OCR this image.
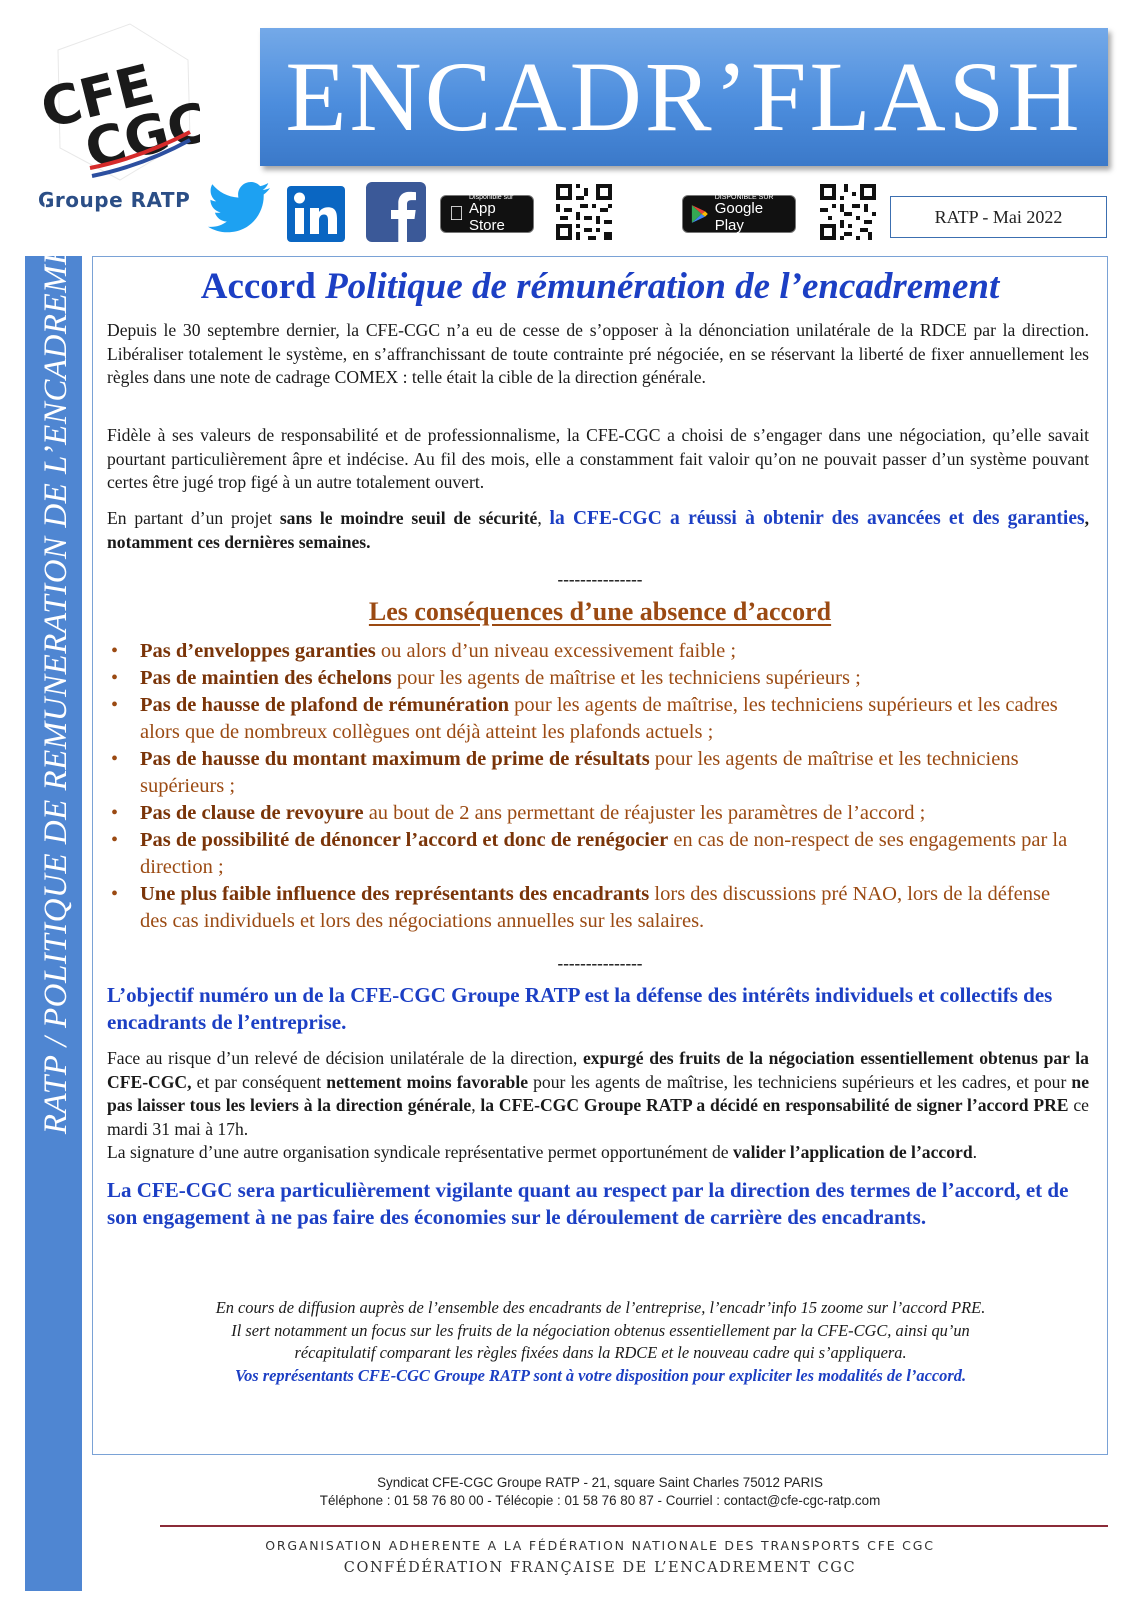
CFE
CGC
Groupe RATP
ENCADR’FLASH
Disponible sur
App Store
DISPONIBLE SUR
Google Play	RATP - Mai 2022
RATP / POLITIQUE DE REMUNERATION DE L’ENCADREMENT	Accord Politique de rémunération de l’encadrement

Depuis le 30 septembre dernier, la CFE-CGC n’a eu de cesse de s’opposer à la dénonciation unilatérale de la RDCE par la direction. Libéraliser totalement le système, en s’affranchissant de toute contrainte pré négociée, en se réservant la liberté de fixer annuellement les règles dans une note de cadrage COMEX : telle était la cible de la direction générale.

Fidèle à ses valeurs de responsabilité et de professionnalisme, la CFE-CGC a choisi de s’engager dans une négociation, qu’elle savait pourtant particulièrement âpre et indécise. Au fil des mois, elle a constamment fait valoir qu’on ne pouvait passer d’un système pouvant certes être jugé trop figé à un autre totalement ouvert.

En partant d’un projet sans le moindre seuil de sécurité, la CFE-CGC a réussi à obtenir des avancées et des garanties, notamment ces dernières semaines.

---------------
Les conséquences d’une absence d’accord
• Pas d’enveloppes garanties ou alors d’un niveau excessivement faible ;
• Pas de maintien des échelons pour les agents de maîtrise et les techniciens supérieurs ;
• Pas de hausse de plafond de rémunération pour les agents de maîtrise, les techniciens supérieurs et les cadres alors que de nombreux collègues ont déjà atteint les plafonds actuels ;
• Pas de hausse du montant maximum de prime de résultats pour les agents de maîtrise et les techniciens supérieurs ;
• Pas de clause de revoyure au bout de 2 ans permettant de réajuster les paramètres de l’accord ;
• Pas de possibilité de dénoncer l’accord et donc de renégocier en cas de non-respect de ses engagements par la direction ;
• Une plus faible influence des représentants des encadrants lors des discussions pré NAO, lors de la défense des cas individuels et lors des négociations annuelles sur les salaires.
---------------
L’objectif numéro un de la CFE-CGC Groupe RATP est la défense des intérêts individuels et collectifs des encadrants de l’entreprise.

Face au risque d’un relevé de décision unilatérale de la direction, expurgé des fruits de la négociation essentiellement obtenus par la CFE-CGC, et par conséquent nettement moins favorable pour les agents de maîtrise, les techniciens supérieurs et les cadres, et pour ne pas laisser tous les leviers à la direction générale, la CFE-CGC Groupe RATP a décidé en responsabilité de signer l’accord PRE ce mardi 31 mai à 17h.
La signature d’une autre organisation syndicale représentative permet opportunément de valider l’application de l’accord.

La CFE-CGC sera particulièrement vigilante quant au respect par la direction des termes de l’accord, et de son engagement à ne pas faire des économies sur le déroulement de carrière des encadrants.
En cours de diffusion auprès de l’ensemble des encadrants de l’entreprise, l’encadr’info 15 zoome sur l’accord PRE.
Il sert notamment un focus sur les fruits de la négociation obtenus essentiellement par la CFE-CGC, ainsi qu’un
récapitulatif comparant les règles fixées dans la RDCE et le nouveau cadre qui s’appliquera.
Vos représentants CFE-CGC Groupe RATP sont à votre disposition pour expliciter les modalités de l’accord.
Syndicat CFE-CGC Groupe RATP - 21, square Saint Charles 75012 PARIS
Téléphone : 01 58 76 80 00 - Télécopie : 01 58 76 80 87 - Courriel : contact@cfe-cgc-ratp.com
ORGANISATION ADHERENTE A LA FÉDÉRATION NATIONALE DES TRANSPORTS CFE CGC
CONFÉDÉRATION FRANÇAISE DE L’ENCADREMENT CGC
